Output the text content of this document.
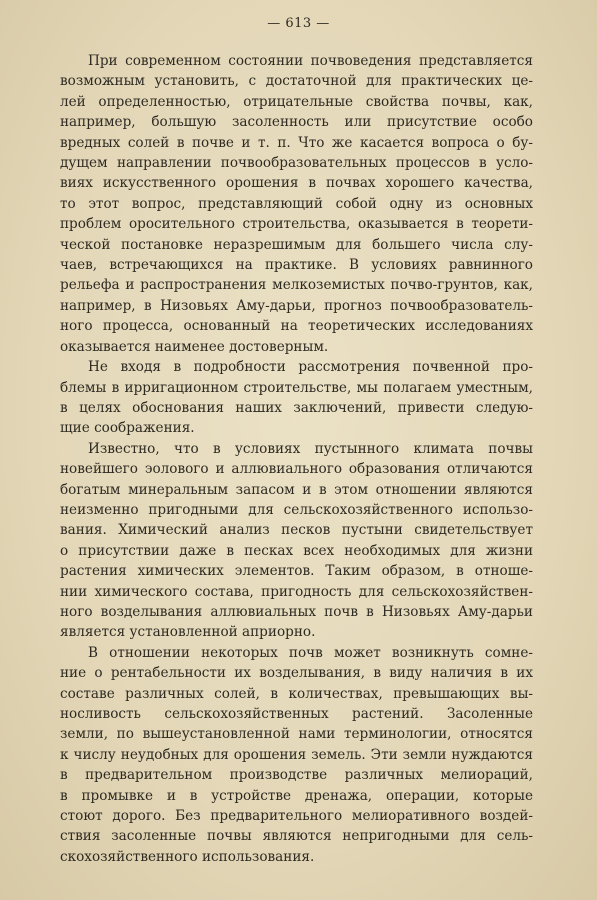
— 613 —
При современном состоянии почвоведения представляется
возможным установить, с достаточной для практических це-
лей определенностью, отрицательные свойства почвы, как,
например, большую засоленность или присутствие особо
вредных солей в почве и т. п. Что же касается вопроса о бу-
дущем направлении почвообразовательных процессов в усло-
виях искусственного орошения в почвах хорошего качества,
то этот вопрос, представляющий собой одну из основных
проблем оросительного строительства, оказывается в теорети-
ческой постановке неразрешимым для большего числа слу-
чаев, встречающихся на практике. В условиях равнинного
рельефа и распространения мелкоземистых почво-грунтов, как,
например, в Низовьях Аму-дарьи, прогноз почвообразователь-
ного процесса, основанный на теоретических исследованиях
оказывается наименее достоверным.
Не входя в подробности рассмотрения почвенной про-
блемы в ирригационном строительстве, мы полагаем уместным,
в целях обоснования наших заключений, привести следую-
щие соображения.
Известно, что в условиях пустынного климата почвы
новейшего эолового и аллювиального образования отличаются
богатым минеральным запасом и в этом отношении являются
неизменно пригодными для сельскохозяйственного использо-
вания. Химический анализ песков пустыни свидетельствует
о присутствии даже в песках всех необходимых для жизни
растения химических элементов. Таким образом, в отноше-
нии химического состава, пригодность для сельскохозяйствен-
ного возделывания аллювиальных почв в Низовьях Аму-дарьи
является установленной априорно.
В отношении некоторых почв может возникнуть сомне-
ние о рентабельности их возделывания, в виду наличия в их
составе различных солей, в количествах, превышающих вы-
носливость сельскохозяйственных растений. Засоленные
земли, по вышеустановленной нами терминологии, относятся
к числу неудобных для орошения земель. Эти земли нуждаются
в предварительном производстве различных мелиораций,
в промывке и в устройстве дренажа, операции, которые
стоют дорого. Без предварительного мелиоративного воздей-
ствия засоленные почвы являются непригодными для сель-
скохозяйственного использования.
